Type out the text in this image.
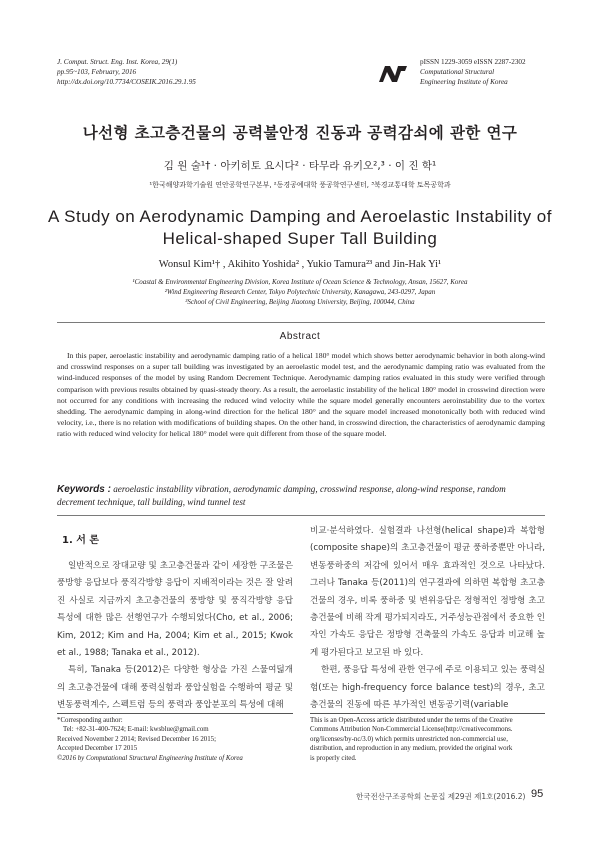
J. Comput. Struct. Eng. Inst. Korea, 29(1)
pp.95~103, February, 2016
http://dx.doi.org/10.7734/COSEIK.2016.29.1.95
pISSN 1229-3059 eISSN 2287-2302
Computational Structural
Engineering Institute of Korea
나선형 초고층건물의 공력불안정 진동과 공력감쇠에 관한 연구
김 원 술¹† · 아키히토 요시다² · 타무라 유키오²,³ · 이 진 학¹
¹한국해양과학기술원 연안공학연구본부, ²동경공예대학 풍공학연구센터, ³북경교통대학 토목공학과
A Study on Aerodynamic Damping and Aeroelastic Instability of
Helical-shaped Super Tall Building
Wonsul Kim¹† , Akihito Yoshida² , Yukio Tamura²³ and Jin-Hak Yi¹
¹Coastal & Environmental Engineering Division, Korea Institute of Ocean Science & Technology, Ansan, 15627, Korea
²Wind Engineering Research Center, Tokyo Polytechnic University, Kanagawa, 243-0297, Japan
³School of Civil Engineering, Beijing Jiaotong University, Beijing, 100044, China
Abstract
In this paper, aeroelastic instability and aerodynamic damping ratio of a helical 180° model which shows better aerodynamic behavior in both along-wind and crosswind responses on a super tall building was investigated by an aeroelastic model test, and the aerodynamic damping ratio was evaluated from the wind-induced responses of the model by using Random Decrement Technique. Aerodynamic damping ratios evaluated in this study were verified through comparison with previous results obtained by quasi-steady theory. As a result, the aeroelastic instability of the helical 180° model in crosswind direction were not occurred for any conditions with increasing the reduced wind velocity while the square model generally encounters aeroinstability due to the vortex shedding. The aerodynamic damping in along-wind direction for the helical 180° and the square model increased monotonically both with reduced wind velocity, i.e., there is no relation with modifications of building shapes. On the other hand, in crosswind direction, the characteristics of aerodynamic damping ratio with reduced wind velocity for helical 180° model were quit different from those of the square model.
Keywords : aeroelastic instability vibration, aerodynamic damping, crosswind response, along-wind response, random decrement technique, tall building, wind tunnel test
1. 서 론

일반적으로 장대교량 및 초고층건물과 같이 세장한 구조물은 풍방향 응답보다 풍직각방향 응답이 지배적이라는 것은 잘 알려진 사실로 지금까지 초고층건물의 풍방향 및 풍직각방향 응답 특성에 대한 많은 선행연구가 수행되었다(Cho, et al., 2006; Kim, 2012; Kim and Ha, 2004; Kim et al., 2015; Kwok et al., 1988; Tanaka et al., 2012).

특히, Tanaka 등(2012)은 다양한 형상을 가진 스물여덟개의 초고층건물에 대해 풍력실험과 풍압실험을 수행하여 평균 및 변동풍력계수, 스펙트럼 등의 풍력과 풍압분포의 특성에 대해

비교·분석하였다. 실험결과 나선형(helical shape)과 복합형(composite shape)의 초고층건물이 평균 풍하중뿐만 아니라, 변동풍하중의 저감에 있어서 매우 효과적인 것으로 나타났다. 그러나 Tanaka 등(2011)의 연구결과에 의하면 복합형 초고층건물의 경우, 비록 풍하중 및 변위응답은 정형적인 정방형 초고층건물에 비해 작게 평가되지라도, 거주성능관점에서 중요한 인자인 가속도 응답은 정방형 건축물의 가속도 응답과 비교해 높게 평가된다고 보고된 바 있다.

한편, 풍응답 특성에 관한 연구에 주로 이용되고 있는 풍력실험(또는 high-frequency force balance test)의 경우, 초고층건물의 진동에 따른 부가적인 변동공기력(variable

*Corresponding author:
Tel: +82-31-400-7624; E-mail: kwsblue@gmail.com
Received November 2 2014; Revised December 16 2015;
Accepted December 17 2015
©2016 by Computational Structural Engineering Institute of Korea
This is an Open-Access article distributed under the terms of the Creative
Commons Attribution Non-Commercial License(http://creativecommons.
org/licenses/by-nc/3.0) which permits unrestricted non-commercial use,
distribution, and reproduction in any medium, provided the original work
is properly cited.
한국전산구조공학회 논문집 제29권 제1호(2016.2) 95
